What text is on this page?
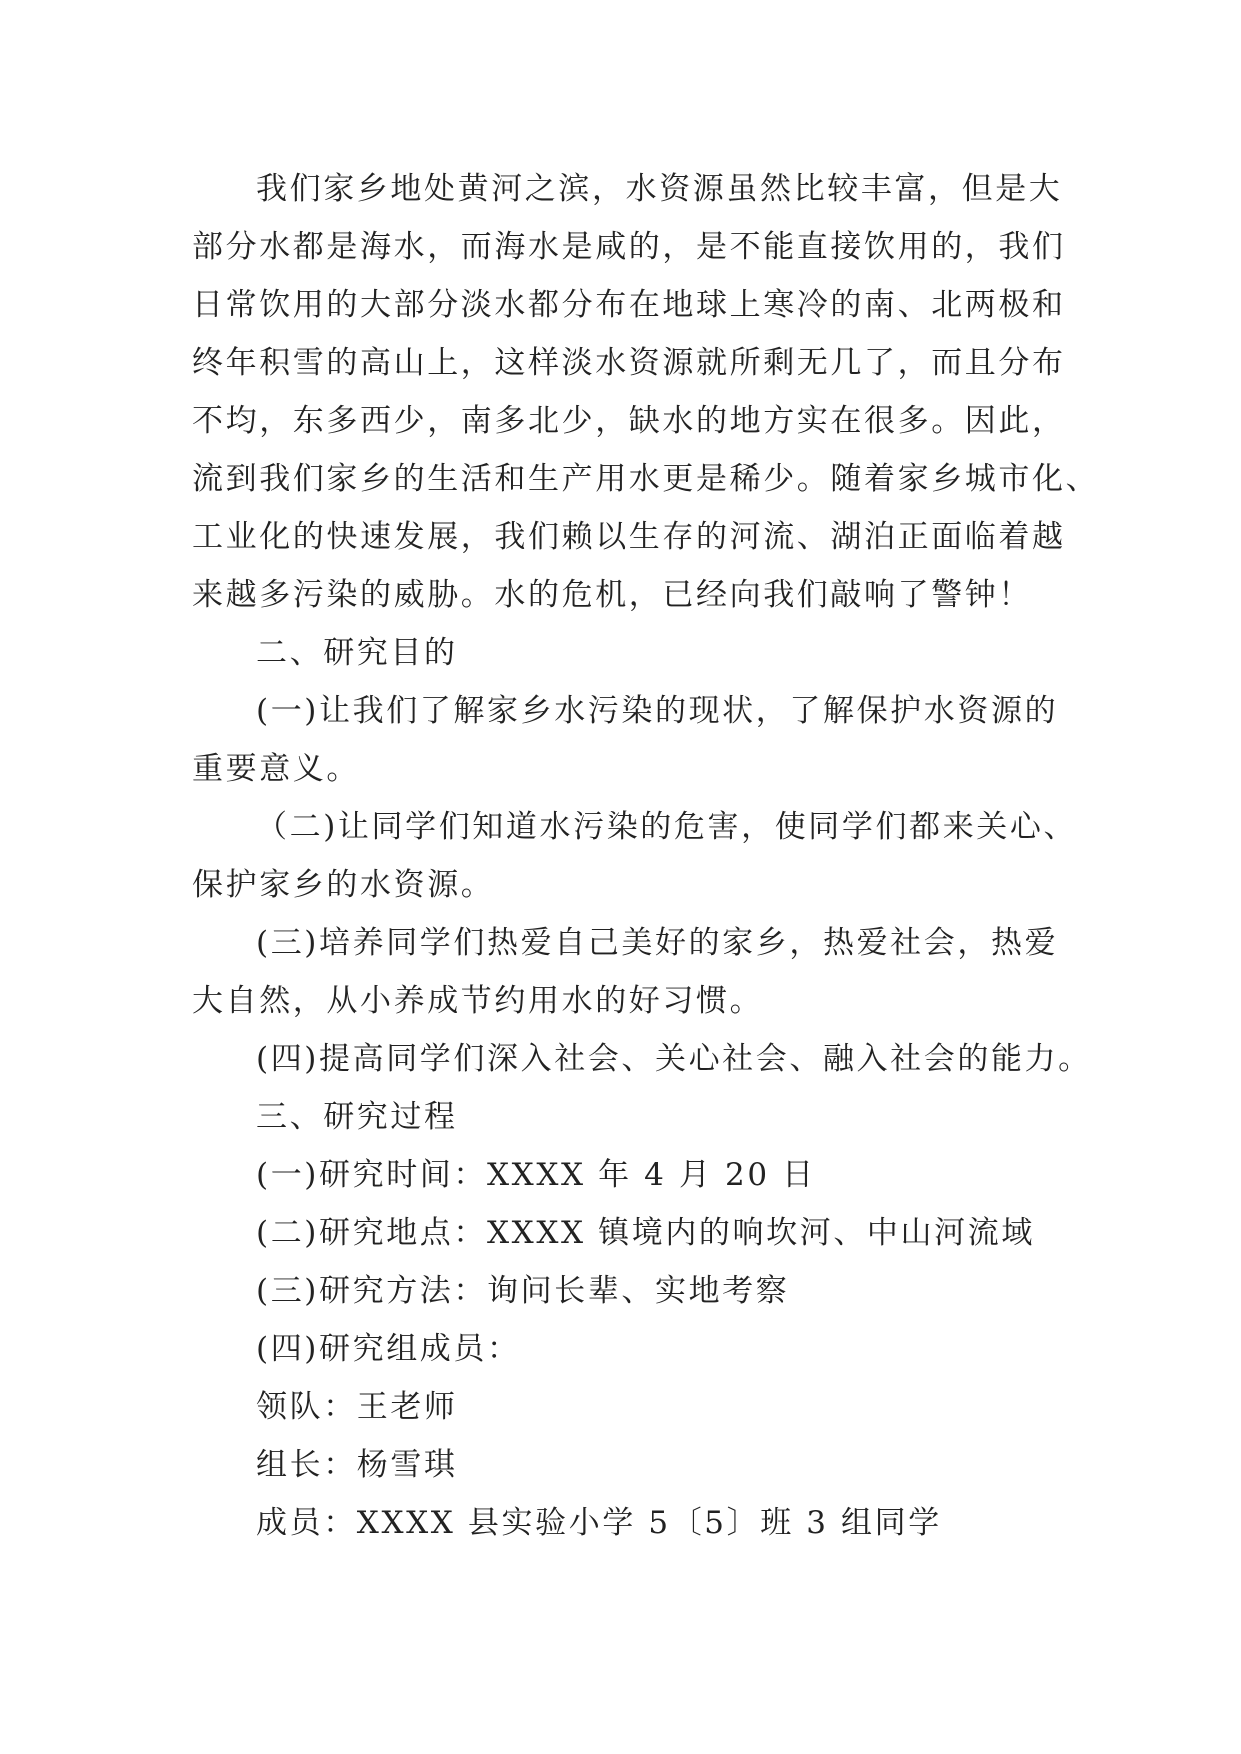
我们家乡地处黄河之滨，水资源虽然比较丰富，但是大
部分水都是海水，而海水是咸的，是不能直接饮用的，我们
日常饮用的大部分淡水都分布在地球上寒冷的南、北两极和
终年积雪的高山上，这样淡水资源就所剩无几了，而且分布
不均，东多西少，南多北少，缺水的地方实在很多。因此，
流到我们家乡的生活和生产用水更是稀少。随着家乡城市化、
工业化的快速发展，我们赖以生存的河流、湖泊正面临着越
来越多污染的威胁。水的危机，已经向我们敲响了警钟！
二、研究目的
(一)让我们了解家乡水污染的现状，了解保护水资源的
重要意义。
（二)让同学们知道水污染的危害，使同学们都来关心、
保护家乡的水资源。
(三)培养同学们热爱自己美好的家乡，热爱社会，热爱
大自然，从小养成节约用水的好习惯。
(四)提高同学们深入社会、关心社会、融入社会的能力。
三、研究过程
(一)研究时间：XXXX 年 4 月 20 日
(二)研究地点：XXXX 镇境内的响坎河、中山河流域
(三)研究方法：询问长辈、实地考察
(四)研究组成员：
领队：王老师
组长：杨雪琪
成员：XXXX 县实验小学 5〔5〕班 3 组同学
